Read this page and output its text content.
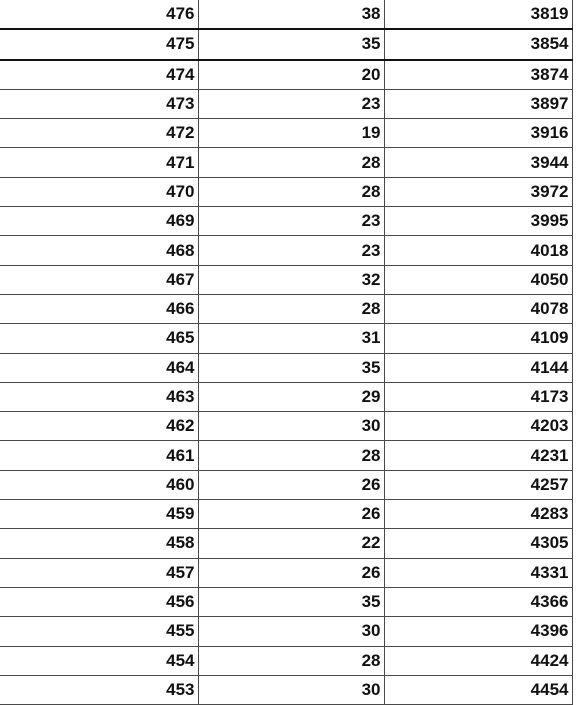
476	38	3819	
475	35	3854	
474	20	3874	
473	23	3897	
472	19	3916	
471	28	3944	
470	28	3972	
469	23	3995	
468	23	4018	
467	32	4050	
466	28	4078	
465	31	4109	
464	35	4144	
463	29	4173	
462	30	4203	
461	28	4231	
460	26	4257	
459	26	4283	
458	22	4305	
457	26	4331	
456	35	4366	
455	30	4396	
454	28	4424	
453	30	4454	
